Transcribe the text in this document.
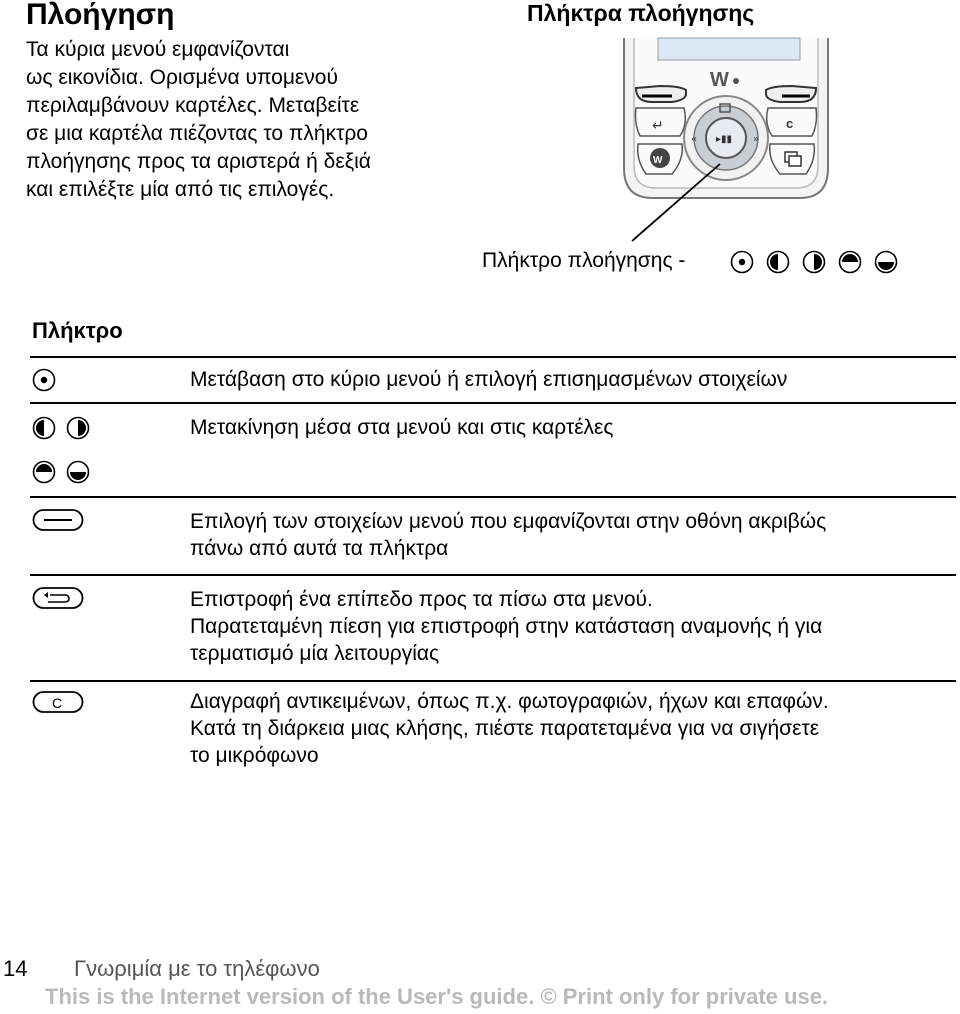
Πλοήγηση
Τα κύρια μενού εμφανίζονται
ως εικονίδια. Ορισμένα υπομενού
περιλαμβάνουν καρτέλες. Μεταβείτε
σε μια καρτέλα πιέζοντας το πλήκτρο
πλοήγησης προς τα αριστερά ή δεξιά
και επιλέξτε μία από τις επιλογές.
Πλήκτρα πλοήγησης
W
↵
W
c
▸▮▮
«	»
Πλήκτρο πλοήγησης -
Πλήκτρο
Μετάβαση στο κύριο μενού ή επιλογή επισημασμένων στοιχείων
Μετακίνηση μέσα στα μενού και στις καρτέλες
Επιλογή των στοιχείων μενού που εμφανίζονται στην οθόνη ακριβώς
πάνω από αυτά τα πλήκτρα
Επιστροφή ένα επίπεδο προς τα πίσω στα μενού.
Παρατεταμένη πίεση για επιστροφή στην κατάσταση αναμονής ή για
τερματισμό μία λειτουργίας
C	Διαγραφή αντικειμένων, όπως π.χ. φωτογραφιών, ήχων και επαφών.
Κατά τη διάρκεια μιας κλήσης, πιέστε παρατεταμένα για να σιγήσετε
το μικρόφωνο
14 Γνωριμία με το τηλέφωνο
This is the Internet version of the User's guide. © Print only for private use.
